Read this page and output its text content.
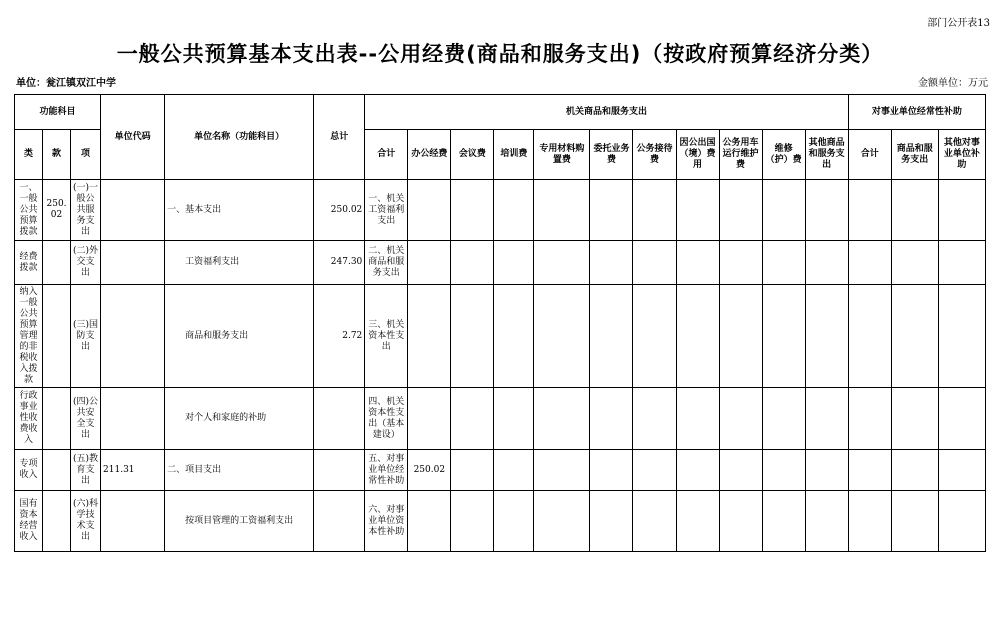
部门公开表13
一般公共预算基本支出表--公用经费(商品和服务支出)（按政府预算经济分类）
单位：瓮江镇双江中学	金额单位：万元
功能科目			单位代码	单位名称（功能科目）	总计	机关商品和服务支出											对事业单位经常性补助		
类	款	项				合计	办公经费	会议费	培训费	专用材料购置费	委托业务费	公务接待费	因公出国（境）费用	公务用车运行维护费	维修（护）费	其他商品和服务支出	合计	商品和服务支出	其他对事业单位补助
一、一般公共预算拨款	250.02	(一)一般公共服务支出		一、基本支出	250.02	一、机关工资福利支出													
经费拨款		(二)外交支出		工资福利支出	247.30	二、机关商品和服务支出													
纳入一般公共预算管理的非税收入拨款		(三)国防支出		商品和服务支出	2.72	三、机关资本性支出													
行政事业性收费收入		(四)公共安全支出		对个人和家庭的补助		四、机关资本性支出（基本建设）													
专项收入		(五)教育支出	211.31	二、项目支出		五、对事业单位经常性补助	250.02												
国有资本经营收入		(六)科学技术支出		按项目管理的工资福利支出		六、对事业单位资本性补助													
